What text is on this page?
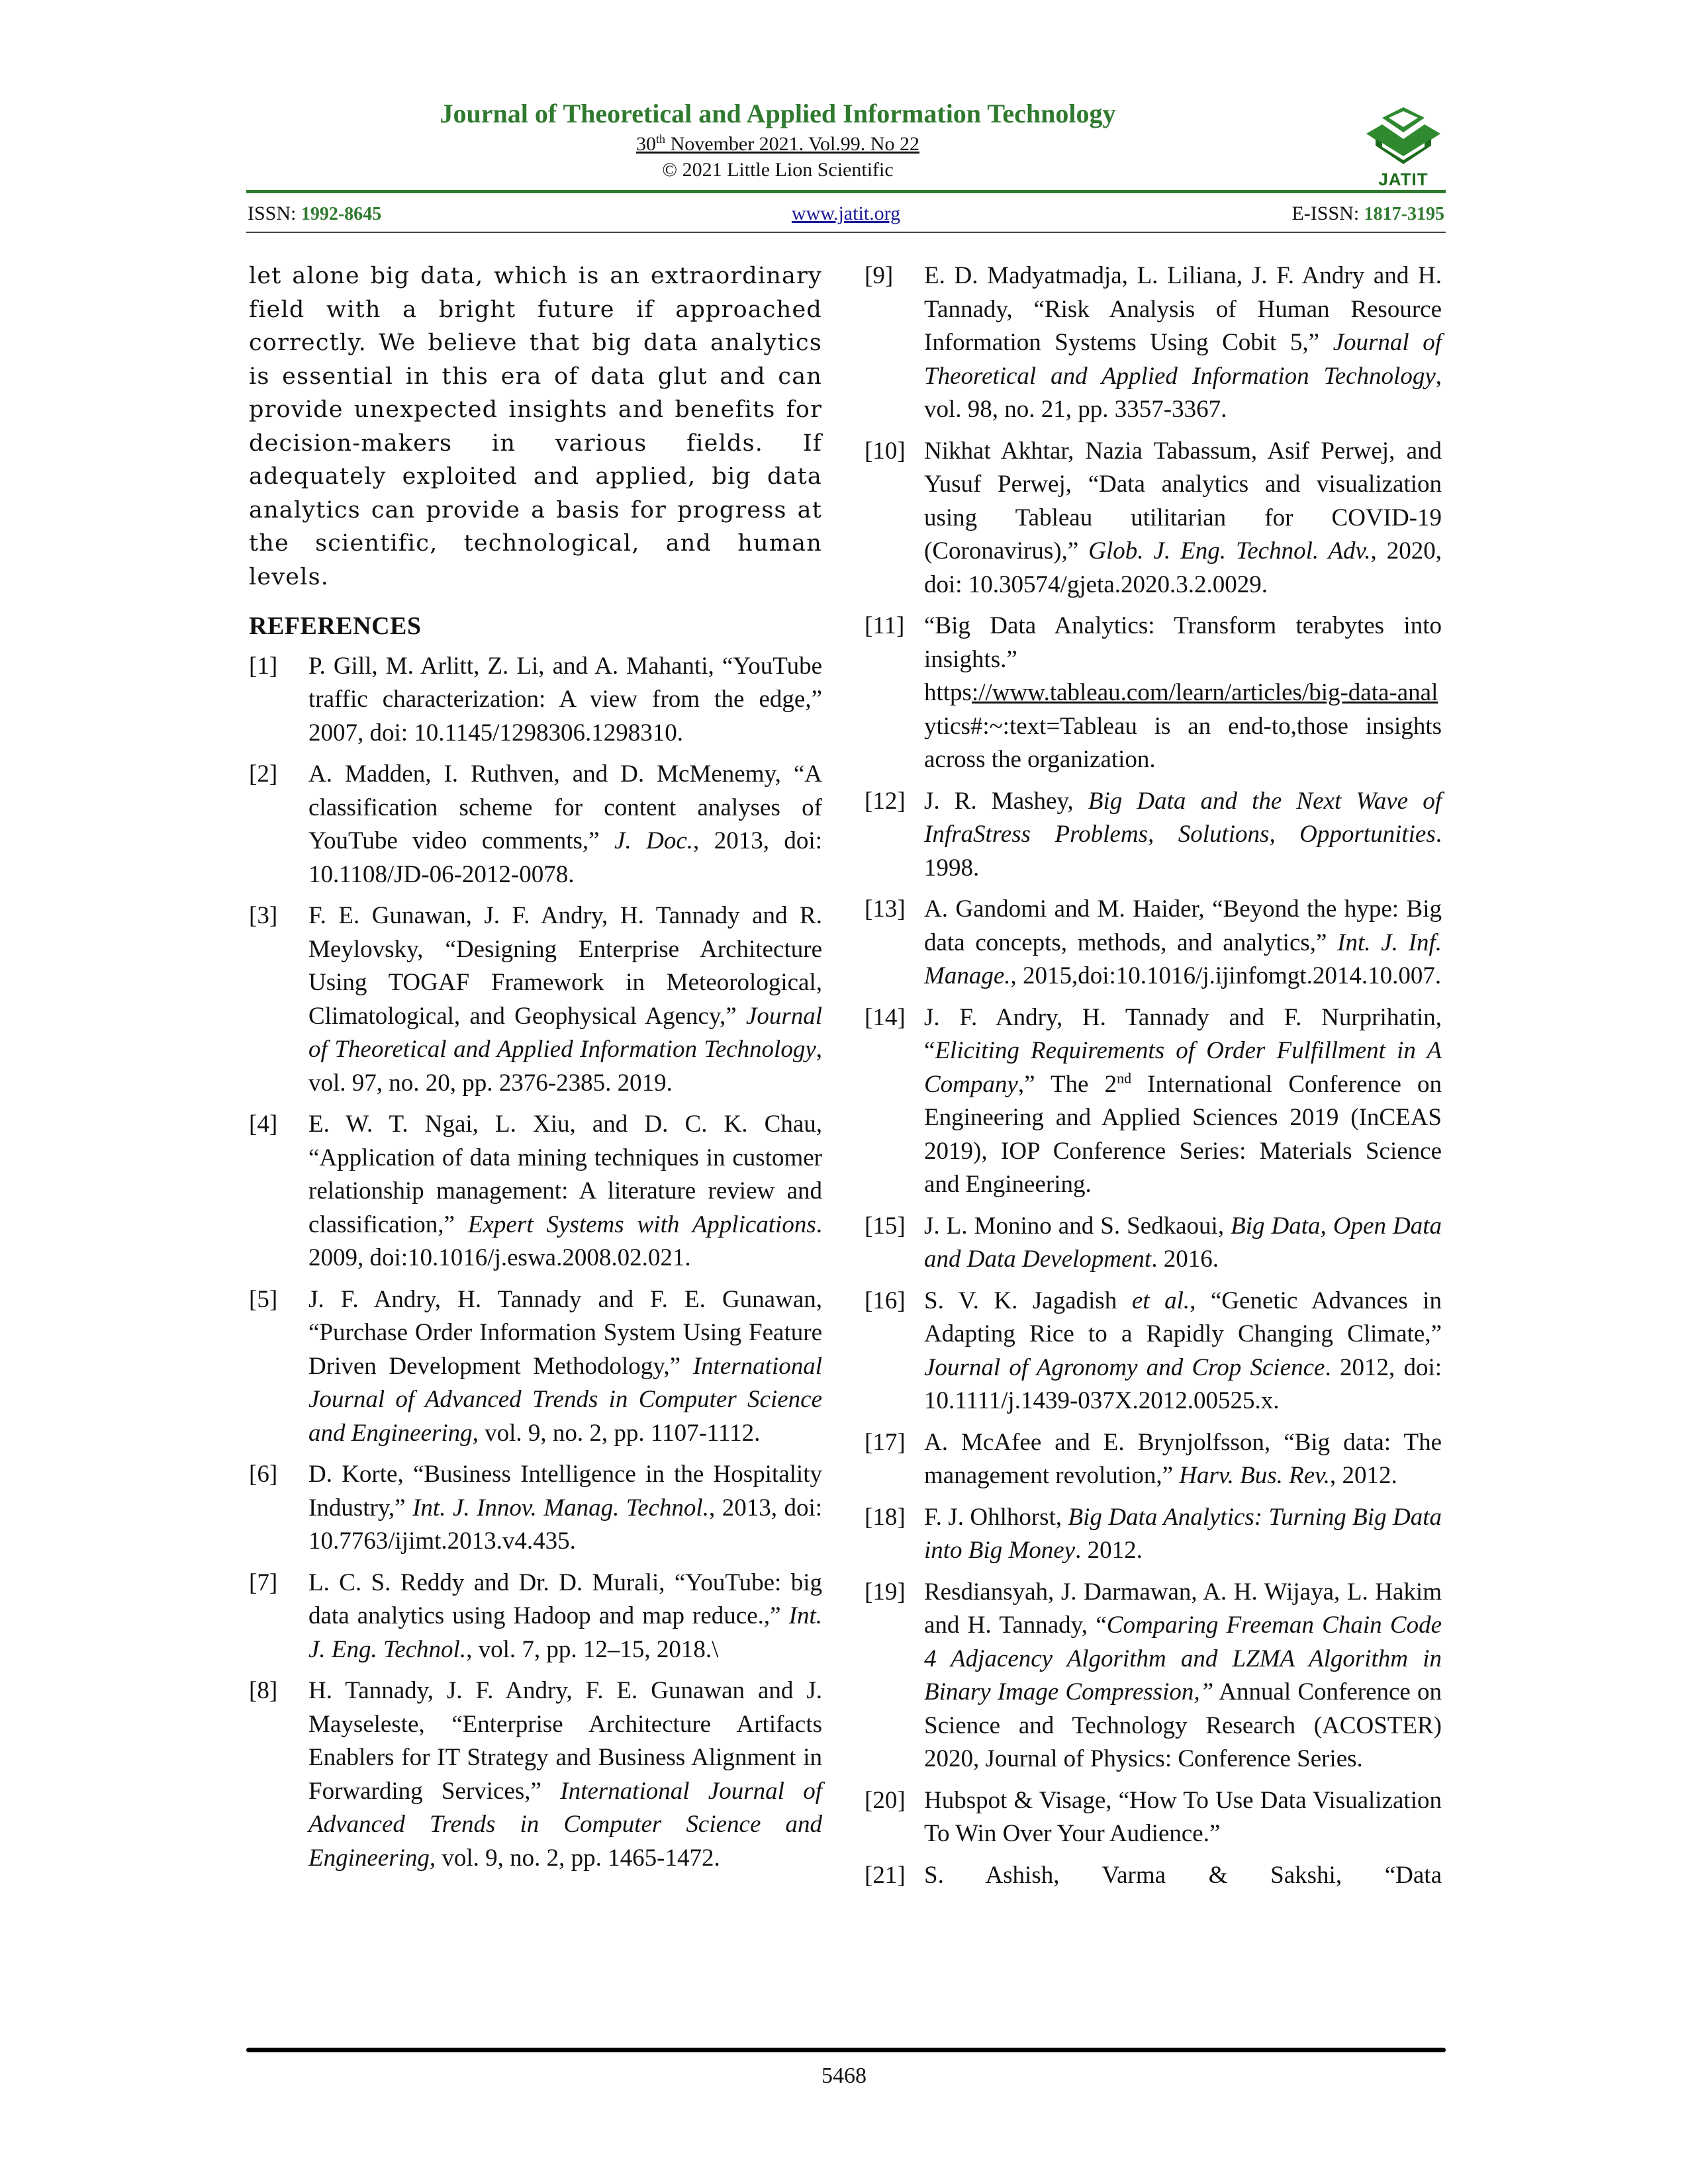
Journal of Theoretical and Applied Information Technology
30th November 2021. Vol.99. No 22
© 2021 Little Lion Scientific	JATIT
ISSN: 1992-8645	www.jatit.org	E-ISSN: 1817-3195

let alone big data, which is an extraordinary field with a bright future if approached correctly. We believe that big data analytics is essential in this era of data glut and can provide unexpected insights and benefits for decision-makers in various fields. If adequately exploited and applied, big data analytics can provide a basis for progress at the scientific, technological, and human levels.

REFERENCES
[1]	P. Gill, M. Arlitt, Z. Li, and A. Mahanti, “YouTube traffic characterization: A view from the edge,” 2007, doi: 10.1145/1298306.1298310.
[2]	A. Madden, I. Ruthven, and D. McMenemy, “A classification scheme for content analyses of YouTube video comments,” J. Doc., 2013, doi: 10.1108/JD-06-2012-0078.
[3]	F. E. Gunawan, J. F. Andry, H. Tannady and R. Meylovsky, “Designing Enterprise Architecture Using TOGAF Framework in Meteorological, Climatological, and Geophysical Agency,” Journal of Theoretical and Applied Information Technology, vol. 97, no. 20, pp. 2376-2385. 2019.
[4]	E. W. T. Ngai, L. Xiu, and D. C. K. Chau, “Application of data mining techniques in customer relationship management: A literature review and classification,” Expert Systems with Applications. 2009, doi:10.1016/j.eswa.2008.02.021.
[5]	J. F. Andry, H. Tannady and F. E. Gunawan, “Purchase Order Information System Using Feature Driven Development Methodology,” International Journal of Advanced Trends in Computer Science and Engineering, vol. 9, no. 2, pp. 1107-1112.
[6]	D. Korte, “Business Intelligence in the Hospitality Industry,” Int. J. Innov. Manag. Technol., 2013, doi: 10.7763/ijimt.2013.v4.435.
[7]	L. C. S. Reddy and Dr. D. Murali, “YouTube: big data analytics using Hadoop and map reduce.,” Int. J. Eng. Technol., vol. 7, pp. 12–15, 2018.\
[8]	H. Tannady, J. F. Andry, F. E. Gunawan and J. Mayseleste, “Enterprise Architecture Artifacts Enablers for IT Strategy and Business Alignment in Forwarding Services,” International Journal of Advanced Trends in Computer Science and Engineering, vol. 9, no. 2, pp. 1465-1472.
[9]	E. D. Madyatmadja, L. Liliana, J. F. Andry and H. Tannady, “Risk Analysis of Human Resource Information Systems Using Cobit 5,” Journal of Theoretical and Applied Information Technology, vol. 98, no. 21, pp. 3357-3367.
[10] Nikhat Akhtar, Nazia Tabassum, Asif Perwej, and Yusuf Perwej, “Data analytics and visualization using Tableau utilitarian for COVID-19 (Coronavirus),” Glob. J. Eng. Technol. Adv., 2020, doi: 10.30574/gjeta.2020.3.2.0029.
[11] “Big Data Analytics: Transform terabytes into insights.” https://www.tableau.com/learn/articles/big-data-anal ytics#:~:text=Tableau is an end-to,those insights across the organization.
[12] J. R. Mashey, Big Data and the Next Wave of InfraStress Problems, Solutions, Opportunities. 1998.
[13] A. Gandomi and M. Haider, “Beyond the hype: Big data concepts, methods, and analytics,” Int. J. Inf. Manage., 2015,doi:10.1016/j.ijinfomgt.2014.10.007.
[14] J. F. Andry, H. Tannady and F. Nurprihatin, “Eliciting Requirements of Order Fulfillment in A Company,” The 2nd International Conference on Engineering and Applied Sciences 2019 (InCEAS 2019), IOP Conference Series: Materials Science and Engineering.
[15] J. L. Monino and S. Sedkaoui, Big Data, Open Data and Data Development. 2016.
[16] S. V. K. Jagadish et al., “Genetic Advances in Adapting Rice to a Rapidly Changing Climate,” Journal of Agronomy and Crop Science. 2012, doi: 10.1111/j.1439-037X.2012.00525.x.
[17] A. McAfee and E. Brynjolfsson, “Big data: The management revolution,” Harv. Bus. Rev., 2012.
[18] F. J. Ohlhorst, Big Data Analytics: Turning Big Data into Big Money. 2012.
[19] Resdiansyah, J. Darmawan, A. H. Wijaya, L. Hakim and H. Tannady, “Comparing Freeman Chain Code 4 Adjacency Algorithm and LZMA Algorithm in Binary Image Compression,” Annual Conference on Science and Technology Research (ACOSTER) 2020, Journal of Physics: Conference Series.
[20] Hubspot & Visage, “How To Use Data Visualization To Win Over Your Audience.”
[21] S. Ashish, Varma & Sakshi, “Data
5468
